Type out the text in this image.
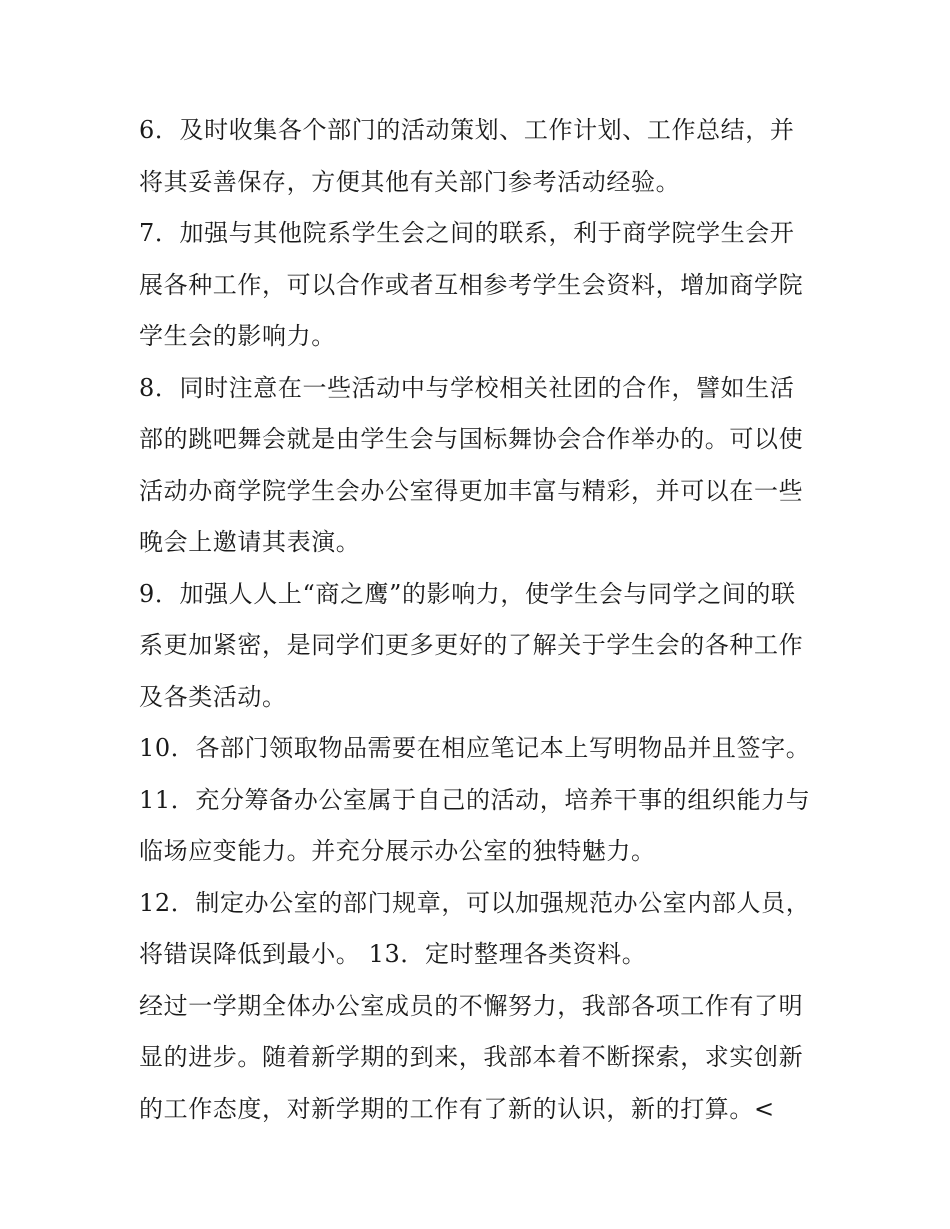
6．及时收集各个部门的活动策划、工作计划、工作总结，并
将其妥善保存，方便其他有关部门参考活动经验。
7．加强与其他院系学生会之间的联系，利于商学院学生会开
展各种工作，可以合作或者互相参考学生会资料，增加商学院
学生会的影响力。
8．同时注意在一些活动中与学校相关社团的合作，譬如生活
部的跳吧舞会就是由学生会与国标舞协会合作举办的。可以使
活动办商学院学生会办公室得更加丰富与精彩，并可以在一些
晚会上邀请其表演。
9．加强人人上“商之鹰”的影响力，使学生会与同学之间的联
系更加紧密，是同学们更多更好的了解关于学生会的各种工作
及各类活动。
10．各部门领取物品需要在相应笔记本上写明物品并且签字。
11．充分筹备办公室属于自己的活动，培养干事的组织能力与
临场应变能力。并充分展示办公室的独特魅力。
12．制定办公室的部门规章，可以加强规范办公室内部人员，
将错误降低到最小。 13．定时整理各类资料。
经过一学期全体办公室成员的不懈努力，我部各项工作有了明
显的进步。随着新学期的到来，我部本着不断探索，求实创新
的工作态度，对新学期的工作有了新的认识，新的打算。<
